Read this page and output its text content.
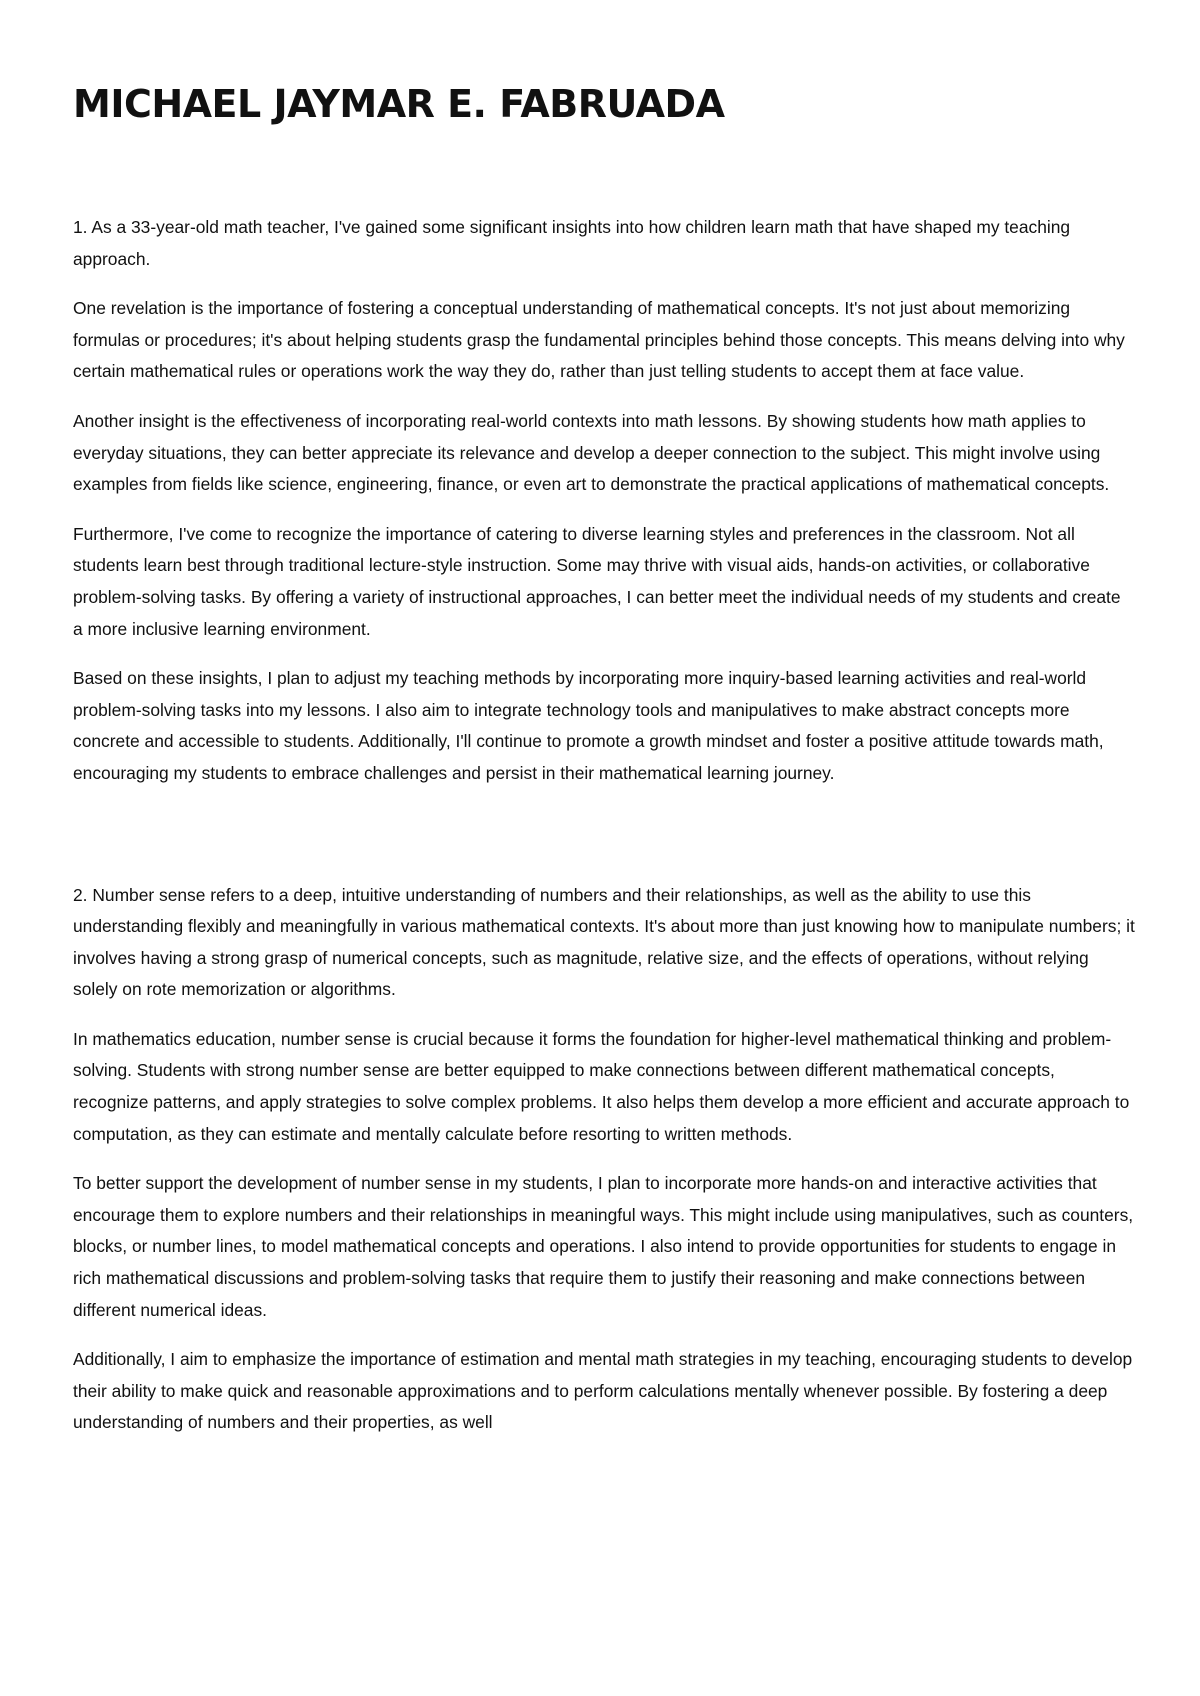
MICHAEL JAYMAR E. FABRUADA

1. As a 33-year-old math teacher, I've gained some significant insights into how children learn math that have shaped my teaching approach.

One revelation is the importance of fostering a conceptual understanding of mathematical concepts. It's not just about memorizing formulas or procedures; it's about helping students grasp the fundamental principles behind those concepts. This means delving into why certain mathematical rules or operations work the way they do, rather than just telling students to accept them at face value.

Another insight is the effectiveness of incorporating real-world contexts into math lessons. By showing students how math applies to everyday situations, they can better appreciate its relevance and develop a deeper connection to the subject. This might involve using examples from fields like science, engineering, finance, or even art to demonstrate the practical applications of mathematical concepts.

Furthermore, I've come to recognize the importance of catering to diverse learning styles and preferences in the classroom. Not all students learn best through traditional lecture-style instruction. Some may thrive with visual aids, hands-on activities, or collaborative problem-solving tasks. By offering a variety of instructional approaches, I can better meet the individual needs of my students and create a more inclusive learning environment.

Based on these insights, I plan to adjust my teaching methods by incorporating more inquiry-based learning activities and real-world problem-solving tasks into my lessons. I also aim to integrate technology tools and manipulatives to make abstract concepts more concrete and accessible to students. Additionally, I'll continue to promote a growth mindset and foster a positive attitude towards math, encouraging my students to embrace challenges and persist in their mathematical learning journey.

2. Number sense refers to a deep, intuitive understanding of numbers and their relationships, as well as the ability to use this understanding flexibly and meaningfully in various mathematical contexts. It's about more than just knowing how to manipulate numbers; it involves having a strong grasp of numerical concepts, such as magnitude, relative size, and the effects of operations, without relying solely on rote memorization or algorithms.

In mathematics education, number sense is crucial because it forms the foundation for higher-level mathematical thinking and problem-solving. Students with strong number sense are better equipped to make connections between different mathematical concepts, recognize patterns, and apply strategies to solve complex problems. It also helps them develop a more efficient and accurate approach to computation, as they can estimate and mentally calculate before resorting to written methods.

To better support the development of number sense in my students, I plan to incorporate more hands-on and interactive activities that encourage them to explore numbers and their relationships in meaningful ways. This might include using manipulatives, such as counters, blocks, or number lines, to model mathematical concepts and operations. I also intend to provide opportunities for students to engage in rich mathematical discussions and problem-solving tasks that require them to justify their reasoning and make connections between different numerical ideas.

Additionally, I aim to emphasize the importance of estimation and mental math strategies in my teaching, encouraging students to develop their ability to make quick and reasonable approximations and to perform calculations mentally whenever possible. By fostering a deep understanding of numbers and their properties, as well
